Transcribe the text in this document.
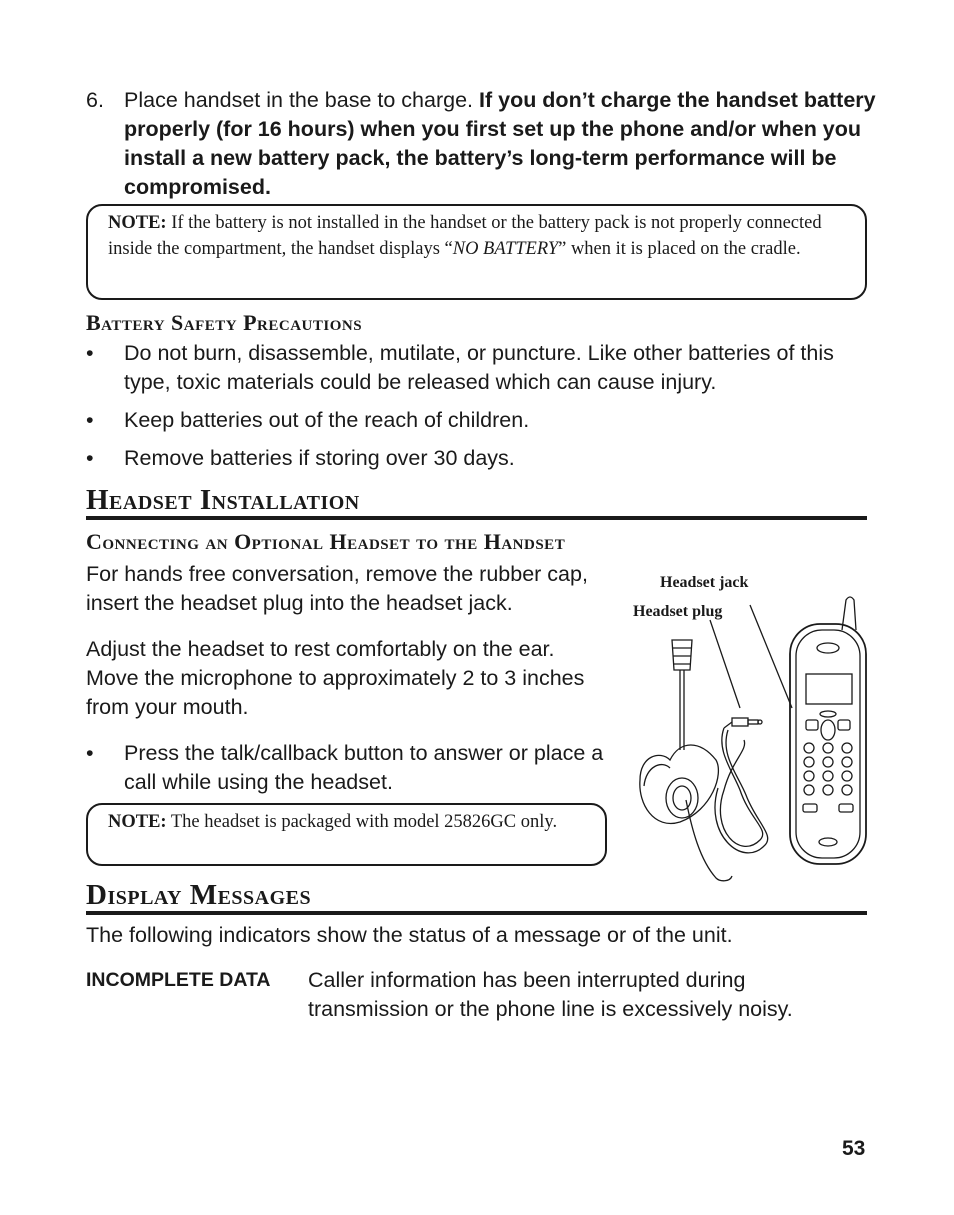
6. Place handset in the base to charge. If you don’t charge the handset battery properly (for 16 hours) when you first set up the phone and/or when you install a new battery pack, the battery’s long-term performance will be compromised.
NOTE: If the battery is not installed in the handset or the battery pack is not properly connected inside the compartment, the handset displays “NO BATTERY” when it is placed on the cradle.
Battery Safety Precautions
• Do not burn, disassemble, mutilate, or puncture. Like other batteries of this type, toxic materials could be released which can cause injury.
• Keep batteries out of the reach of children.
• Remove batteries if storing over 30 days.
Headset Installation
Connecting an Optional Headset to the Handset
For hands free conversation, remove the rubber cap, insert the headset plug into the headset jack.
Adjust the headset to rest comfortably on the ear. Move the microphone to approximately 2 to 3 inches from your mouth.
• Press the talk/callback button to answer or place a call while using the headset.
NOTE: The headset is packaged with model 25826GC only.
Headset jack
Headset plug
Display Messages
The following indicators show the status of a message or of the unit.
INCOMPLETE DATA Caller information has been interrupted during transmission or the phone line is excessively noisy.
53
